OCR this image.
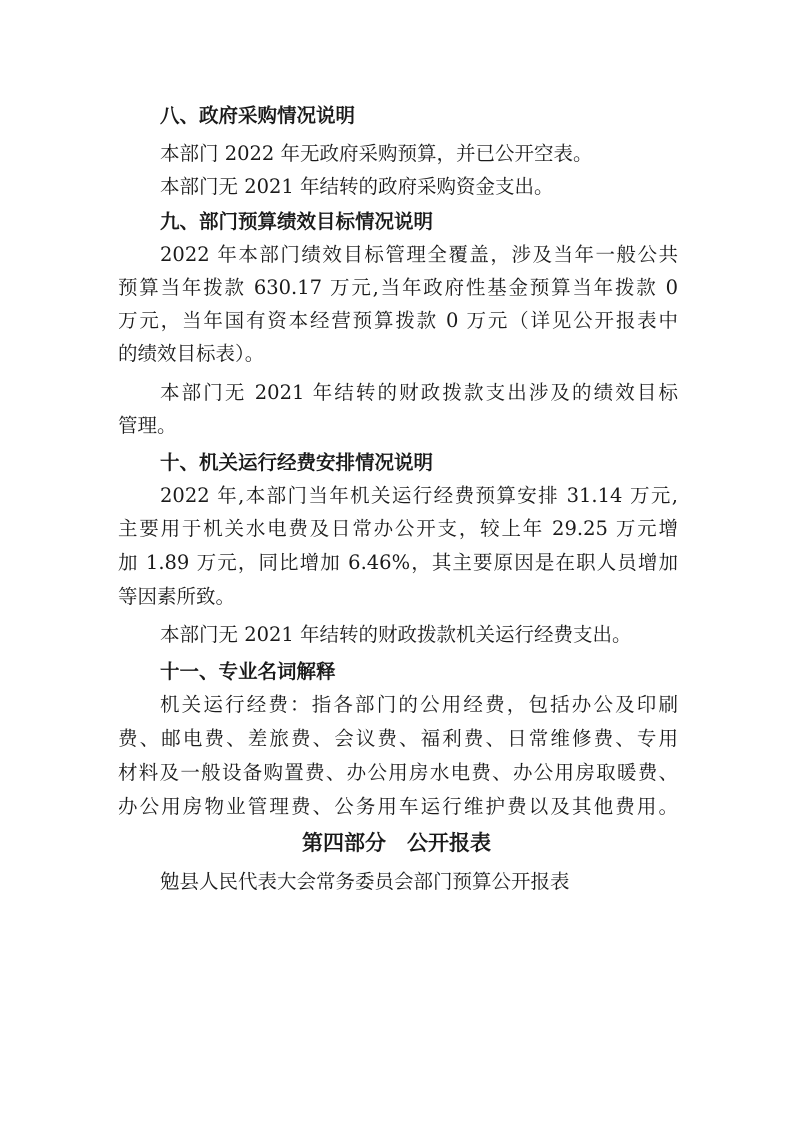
八、政府采购情况说明
本部门 2022 年无政府采购预算，并已公开空表。
本部门无 2021 年结转的政府采购资金支出。
九、部门预算绩效目标情况说明
2022 年本部门绩效目标管理全覆盖，涉及当年一般公共
预算当年拨款 630.17 万元,当年政府性基金预算当年拨款 0
万元，当年国有资本经营预算拨款 0 万元（详见公开报表中
的绩效目标表）。
本部门无 2021 年结转的财政拨款支出涉及的绩效目标
管理。
十、机关运行经费安排情况说明
2022 年,本部门当年机关运行经费预算安排 31.14 万元,
主要用于机关水电费及日常办公开支，较上年 29.25 万元增
加 1.89 万元，同比增加 6.46%，其主要原因是在职人员增加
等因素所致。
本部门无 2021 年结转的财政拨款机关运行经费支出。
十一、专业名词解释
机关运行经费：指各部门的公用经费，包括办公及印刷
费、邮电费、差旅费、会议费、福利费、日常维修费、专用
材料及一般设备购置费、办公用房水电费、办公用房取暖费、
办公用房物业管理费、公务用车运行维护费以及其他费用。
第四部分　公开报表
勉县人民代表大会常务委员会部门预算公开报表
